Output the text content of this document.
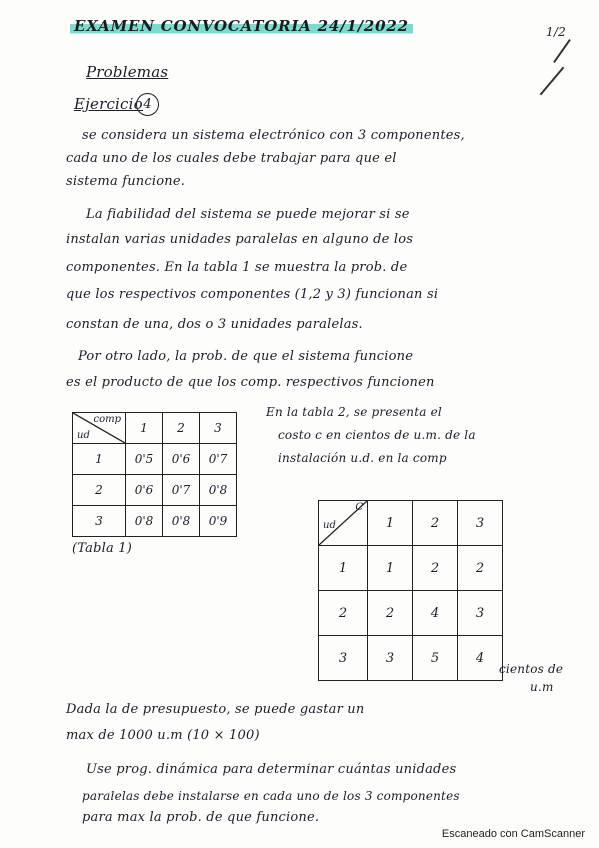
EXAMEN CONVOCATORIA 24/1/2022	1/2
Problemas
Ejercicio 4
se considera un sistema electrónico con 3 componentes,
cada uno de los cuales debe trabajar para que el
sistema funcione.
La fiabilidad del sistema se puede mejorar si se
instalan varias unidades paralelas en alguno de los
componentes. En la tabla 1 se muestra la prob. de
que los respectivos componentes (1,2 y 3) funcionan si
constan de una, dos o 3 unidades paralelas.
Por otro lado, la prob. de que el sistema funcione
es el producto de que los comp. respectivos funcionen
comp
ud	1	2	3
1	0'5	0'6	0'7
2	0'6	0'7	0'8
3	0'8	0'8	0'9
(Tabla 1)
En la tabla 2, se presenta el
costo c en cientos de u.m. de la
instalación u.d. en la comp
C
ud	1	2	3
1	1	2	2
2	2	4	3
3	3	5	4
cientos de
u.m
Dada la de presupuesto, se puede gastar un
max de 1000 u.m (10 × 100)
Use prog. dinámica para determinar cuántas unidades
paralelas debe instalarse en cada uno de los 3 componentes
para max la prob. de que funcione.
Escaneado con CamScanner
